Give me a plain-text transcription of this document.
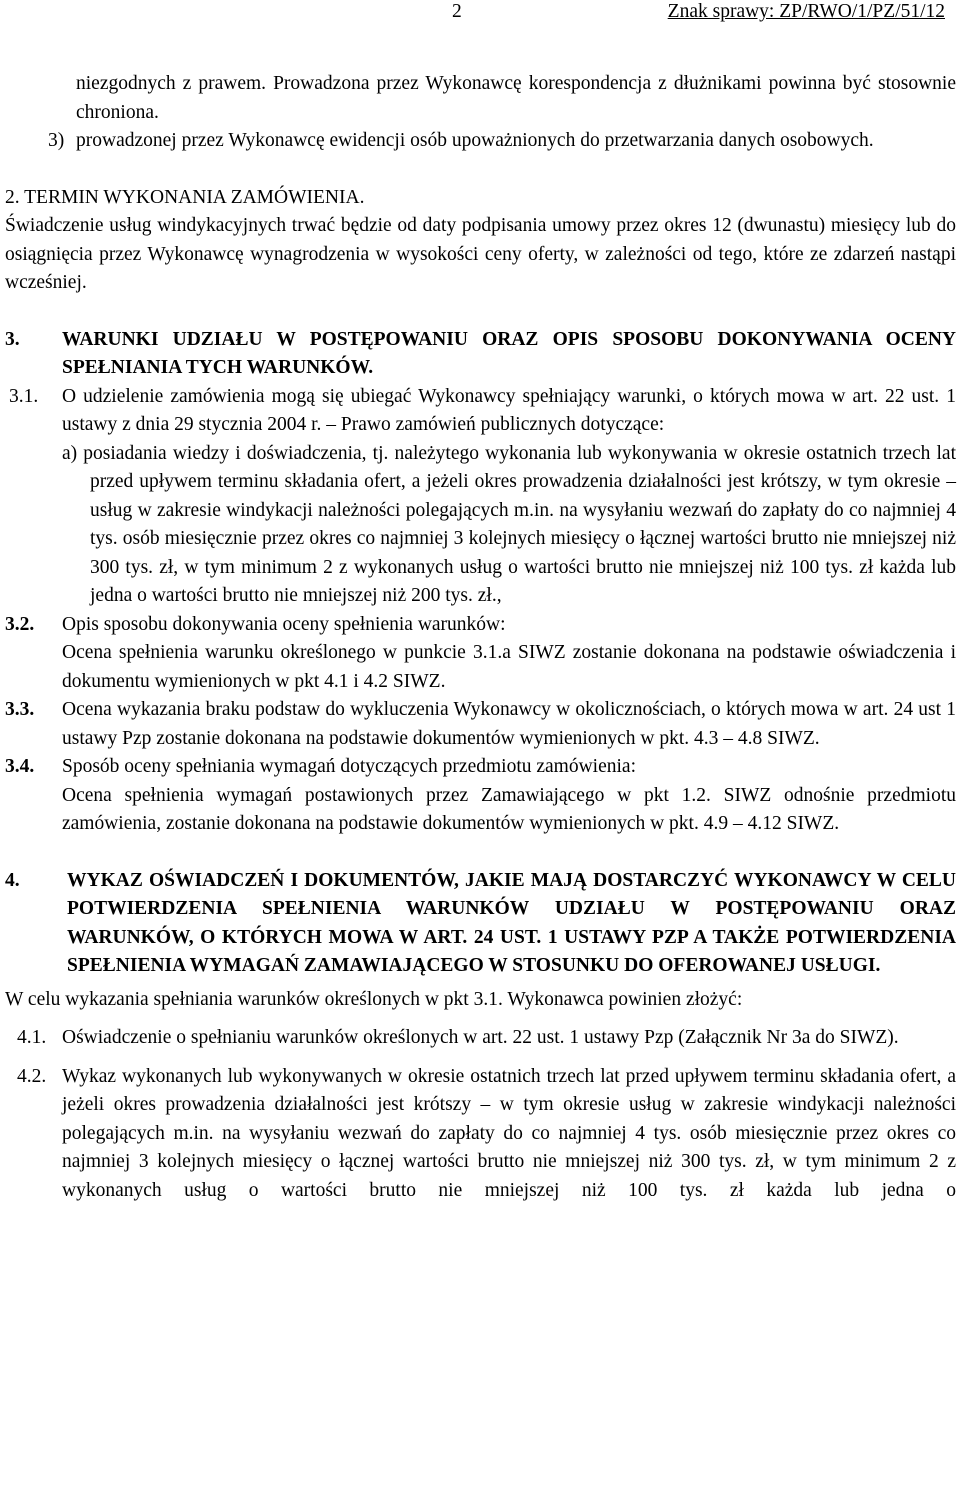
2	Znak sprawy: ZP/RWO/1/PZ/51/12

niezgodnych z prawem. Prowadzona przez Wykonawcę korespondencja z dłużnikami powinna być stosownie chroniona.

3) prowadzonej przez Wykonawcę ewidencji osób upoważnionych do przetwarzania danych osobowych.

2. TERMIN WYKONANIA ZAMÓWIENIA.

Świadczenie usług windykacyjnych trwać będzie od daty podpisania umowy przez okres 12 (dwunastu) miesięcy lub do osiągnięcia przez Wykonawcę wynagrodzenia w wysokości ceny oferty, w zależności od tego, które ze zdarzeń nastąpi wcześniej.

3. WARUNKI UDZIAŁU W POSTĘPOWANIU ORAZ OPIS SPOSOBU DOKONYWANIA OCENY SPEŁNIANIA TYCH WARUNKÓW.

3.1. O udzielenie zamówienia mogą się ubiegać Wykonawcy spełniający warunki, o których mowa w art. 22 ust. 1 ustawy z dnia 29 stycznia 2004 r. – Prawo zamówień publicznych dotyczące:

a) posiadania wiedzy i doświadczenia, tj. należytego wykonania lub wykonywania w okresie ostatnich trzech lat przed upływem terminu składania ofert, a jeżeli okres prowadzenia działalności jest krótszy, w tym okresie – usług w zakresie windykacji należności polegających m.in. na wysyłaniu wezwań do zapłaty do co najmniej 4 tys. osób miesięcznie przez okres co najmniej 3 kolejnych miesięcy o łącznej wartości brutto nie mniejszej niż 300 tys. zł, w tym minimum 2 z wykonanych usług o wartości brutto nie mniejszej niż 100 tys. zł każda lub jedna o wartości brutto nie mniejszej niż 200 tys. zł.,

3.2. Opis sposobu dokonywania oceny spełnienia warunków:

Ocena spełnienia warunku określonego w punkcie 3.1.a SIWZ zostanie dokonana na podstawie oświadczenia i dokumentu wymienionych w pkt 4.1 i 4.2 SIWZ.

3.3. Ocena wykazania braku podstaw do wykluczenia Wykonawcy w okolicznościach, o których mowa w art. 24 ust 1 ustawy Pzp zostanie dokonana na podstawie dokumentów wymienionych w pkt. 4.3 – 4.8 SIWZ.

3.4. Sposób oceny spełniania wymagań dotyczących przedmiotu zamówienia:

Ocena spełnienia wymagań postawionych przez Zamawiającego w pkt 1.2. SIWZ odnośnie przedmiotu zamówienia, zostanie dokonana na podstawie dokumentów wymienionych w pkt. 4.9 – 4.12 SIWZ.

4. WYKAZ OŚWIADCZEŃ I DOKUMENTÓW, JAKIE MAJĄ DOSTARCZYĆ WYKONAWCY W CELU POTWIERDZENIA SPEŁNIENIA WARUNKÓW UDZIAŁU W POSTĘPOWANIU ORAZ WARUNKÓW, O KTÓRYCH MOWA W ART. 24 UST. 1 USTAWY PZP A TAKŻE POTWIERDZENIA SPEŁNIENIA WYMAGAŃ ZAMAWIAJĄCEGO W STOSUNKU DO OFEROWANEJ USŁUGI.

W celu wykazania spełniania warunków określonych w pkt 3.1. Wykonawca powinien złożyć:

4.1. Oświadczenie o spełnianiu warunków określonych w art. 22 ust. 1 ustawy Pzp (Załącznik Nr 3a do SIWZ).

4.2. Wykaz wykonanych lub wykonywanych w okresie ostatnich trzech lat przed upływem terminu składania ofert, a jeżeli okres prowadzenia działalności jest krótszy – w tym okresie usług w zakresie windykacji należności polegających m.in. na wysyłaniu wezwań do zapłaty do co najmniej 4 tys. osób miesięcznie przez okres co najmniej 3 kolejnych miesięcy o łącznej wartości brutto nie mniejszej niż 300 tys. zł, w tym minimum 2 z wykonanych usług o wartości brutto nie mniejszej niż 100 tys. zł każda lub jedna o
